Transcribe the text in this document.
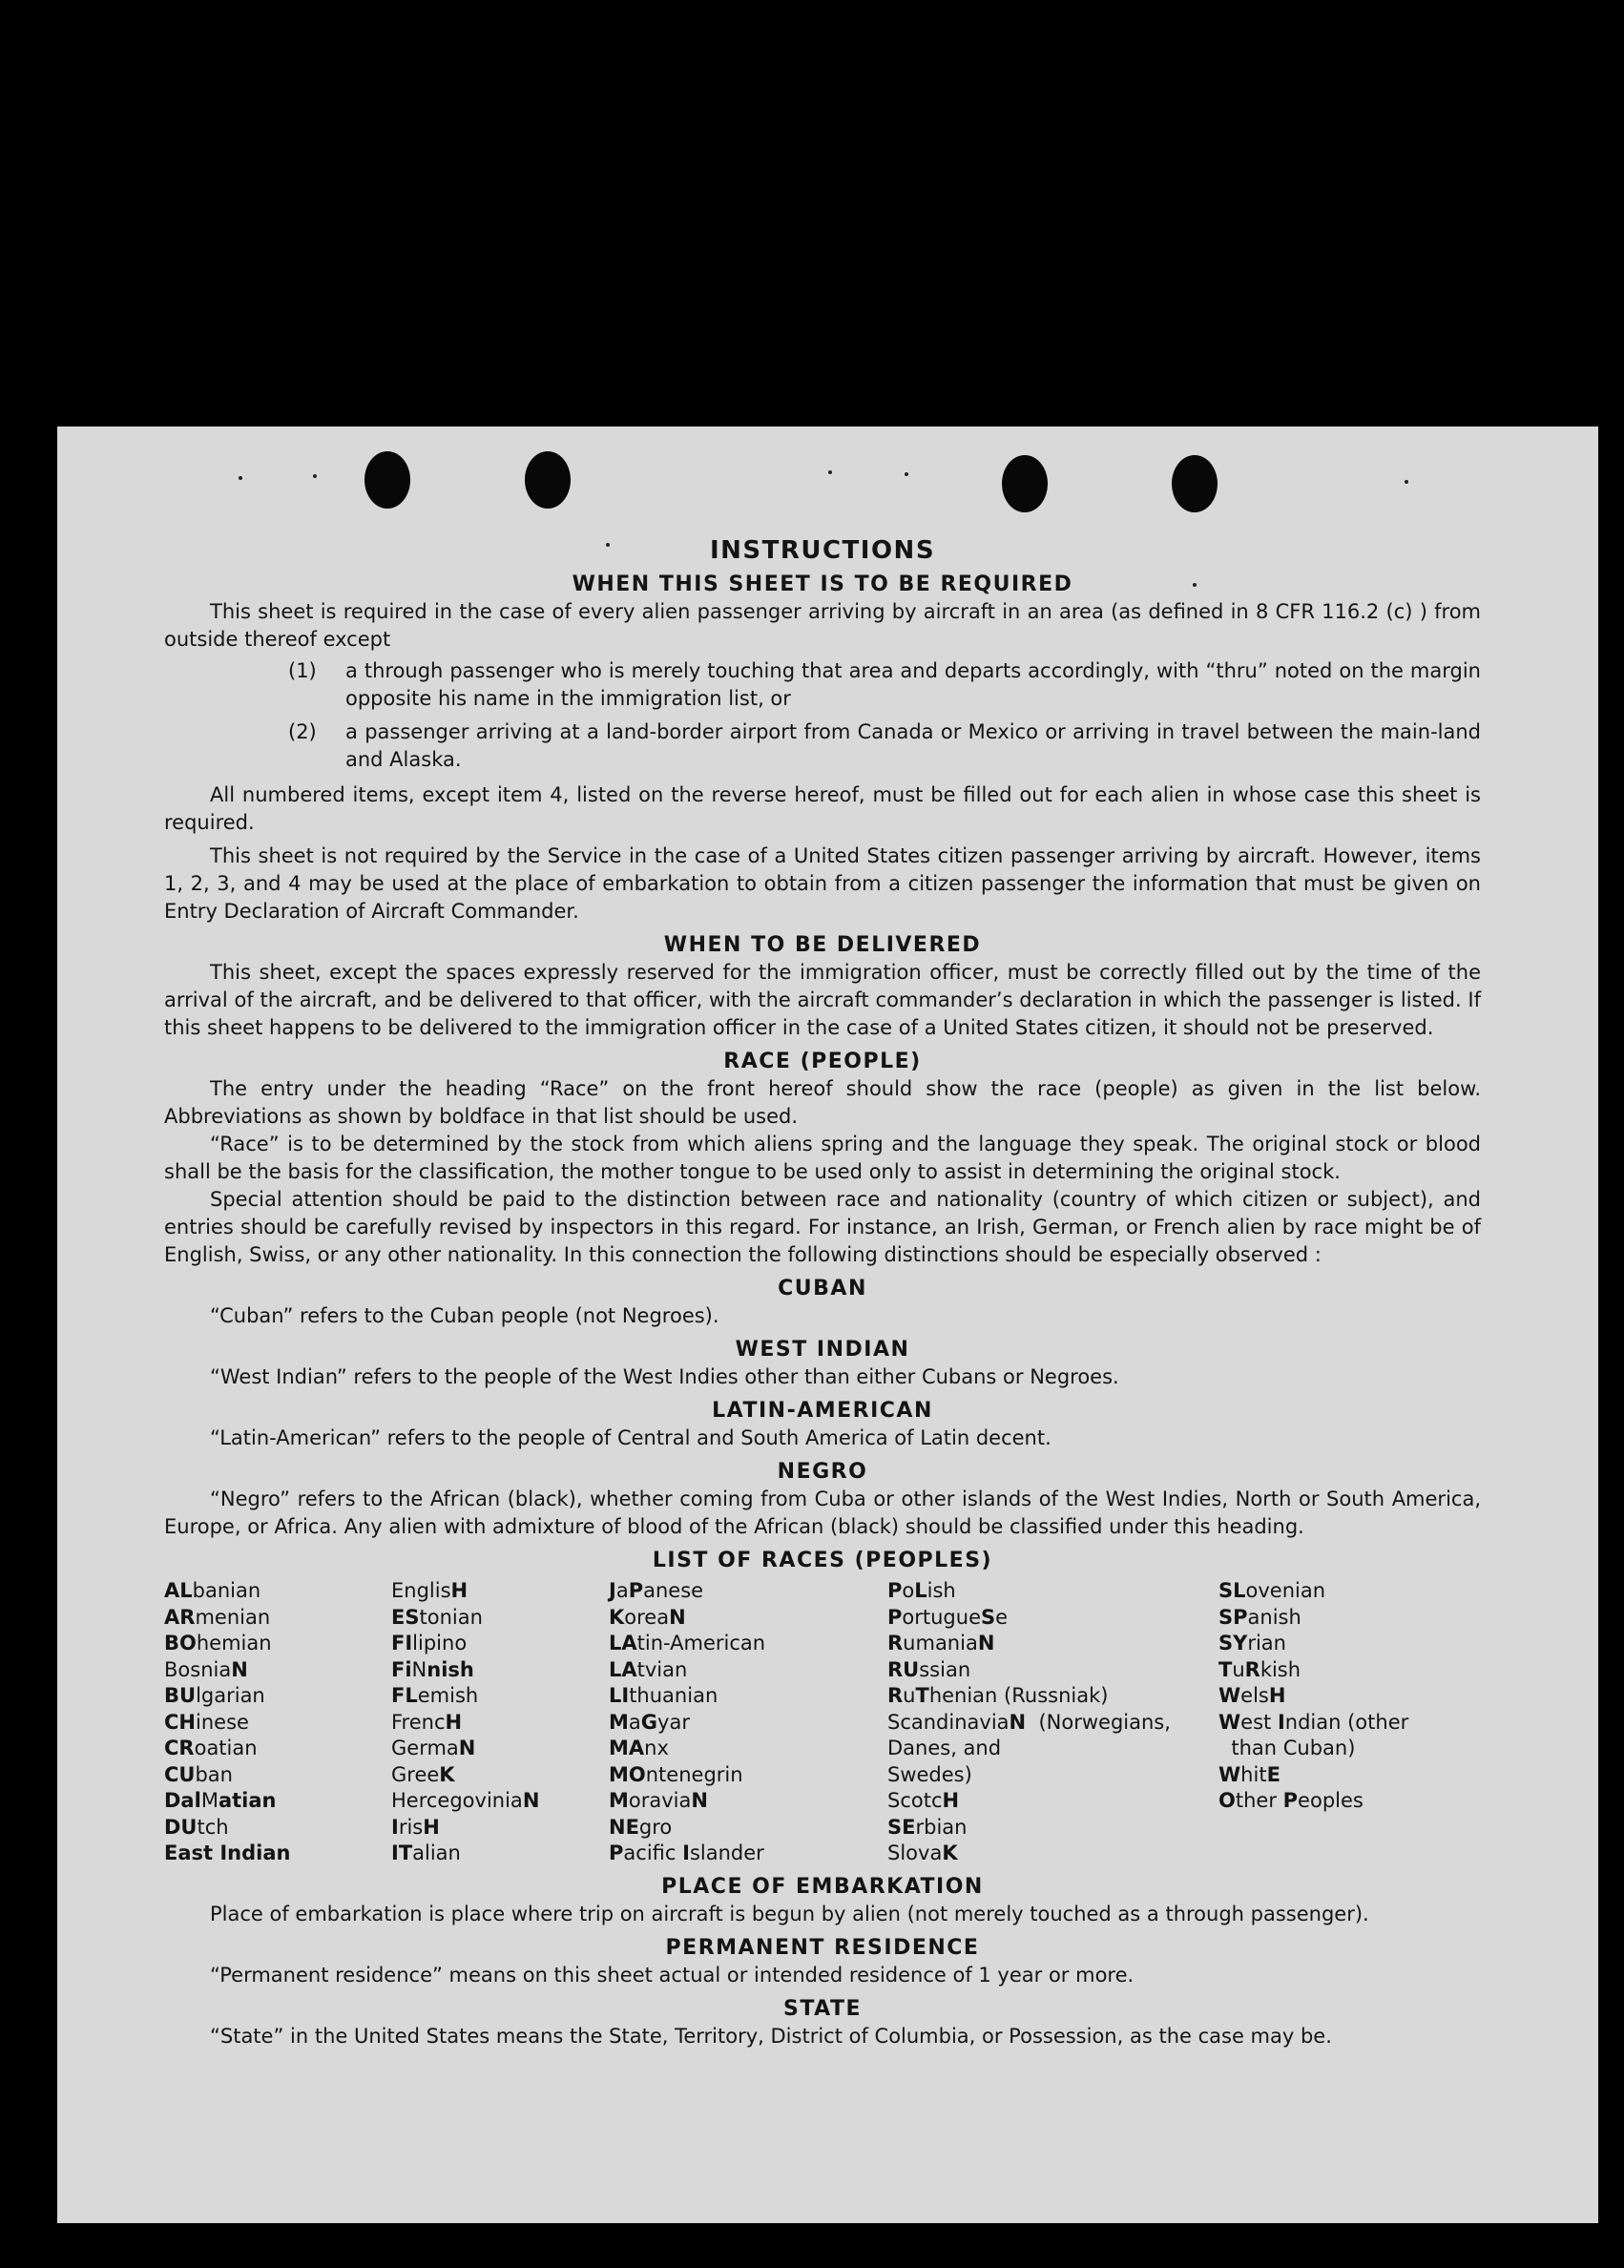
INSTRUCTIONS
WHEN THIS SHEET IS TO BE REQUIRED

This sheet is required in the case of every alien passenger arriving by aircraft in an area (as defined in 8 CFR 116.2 (c) ) from outside thereof except

(1)	a through passenger who is merely touching that area and departs accordingly, with “thru” noted on the margin opposite his name in the immigration list, or
(2)	a passenger arriving at a land-border airport from Canada or Mexico or arriving in travel between the main-land and Alaska.

All numbered items, except item 4, listed on the reverse hereof, must be filled out for each alien in whose case this sheet is required.

This sheet is not required by the Service in the case of a United States citizen passenger arriving by aircraft. However, items 1, 2, 3, and 4 may be used at the place of embarkation to obtain from a citizen passenger the information that must be given on Entry Declaration of Aircraft Commander.

WHEN TO BE DELIVERED

This sheet, except the spaces expressly reserved for the immigration officer, must be correctly filled out by the time of the arrival of the aircraft, and be delivered to that officer, with the aircraft commander’s declaration in which the passenger is listed. If this sheet happens to be delivered to the immigration officer in the case of a United States citizen, it should not be preserved.

RACE (PEOPLE)

The entry under the heading “Race” on the front hereof should show the race (people) as given in the list below. Abbreviations as shown by boldface in that list should be used.

“Race” is to be determined by the stock from which aliens spring and the language they speak. The original stock or blood shall be the basis for the classification, the mother tongue to be used only to assist in determining the original stock.

Special attention should be paid to the distinction between race and nationality (country of which citizen or subject), and entries should be carefully revised by inspectors in this regard. For instance, an Irish, German, or French alien by race might be of English, Swiss, or any other nationality. In this connection the following distinctions should be especially observed :

CUBAN

“Cuban” refers to the Cuban people (not Negroes).

WEST INDIAN

“West Indian” refers to the people of the West Indies other than either Cubans or Negroes.

LATIN-AMERICAN

“Latin-American” refers to the people of Central and South America of Latin decent.

NEGRO

“Negro” refers to the African (black), whether coming from Cuba or other islands of the West Indies, North or South America, Europe, or Africa. Any alien with admixture of blood of the African (black) should be classified under this heading.

LIST OF RACES (PEOPLES)
ALbanian
ARmenian
BOhemian
BosniaN
BUlgarian
CHinese
CRoatian
CUban
DalMatian
DUtch
East Indian
EnglisH
EStonian
FIlipino
FiNnish
FLemish
FrencH
GermaN
GreeK
HercegoviniaN
IrisH
ITalian
JaPanese
KoreaN
LAtin-American
LAtvian
LIthuanian
MaGyar
MAnx
MOntenegrin
MoraviaN
NEgro
Pacific Islander
PoLish
PortugueSe
RumaniaN
RUssian
RuThenian (Russniak)
ScandinaviaN  (Norwegians,
Danes, and
Swedes)
ScotcH
SErbian
SlovaK
SLovenian
SPanish
SYrian
TuRkish
WelsH
West Indian (other
than Cuban)
WhitE
Other Peoples
PLACE OF EMBARKATION

Place of embarkation is place where trip on aircraft is begun by alien (not merely touched as a through passenger).

PERMANENT RESIDENCE

“Permanent residence” means on this sheet actual or intended residence of 1 year or more.

STATE

“State” in the United States means the State, Territory, District of Columbia, or Possession, as the case may be.
